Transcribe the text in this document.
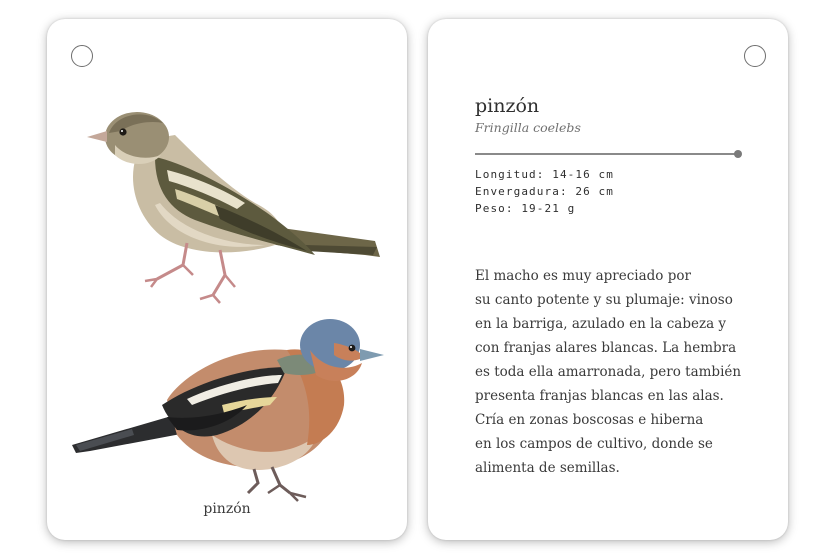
pinzón
pinzón
Fringilla coelebs
Longitud: 14-16 cm
Envergadura: 26 cm
Peso: 19-21 g
El macho es muy apreciado por
su canto potente y su plumaje: vinoso
en la barriga, azulado en la cabeza y
con franjas alares blancas. La hembra
es toda ella amarronada, pero también
presenta franjas blancas en las alas.
Cría en zonas boscosas e hiberna
en los campos de cultivo, donde se
alimenta de semillas.
